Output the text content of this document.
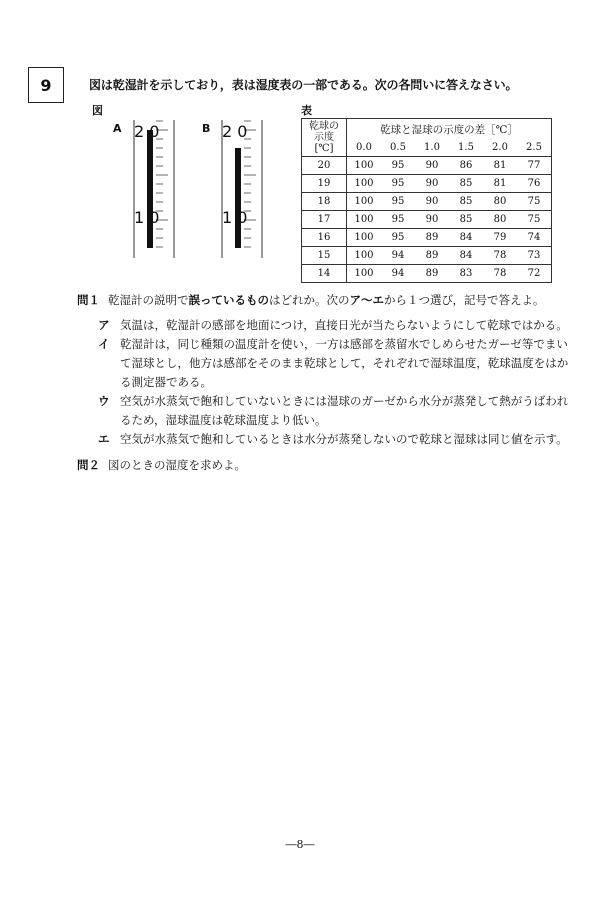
9	図は乾湿計を示しており，表は湿度表の一部である。次の各問いに答えなさい。
図	表
A 2 0
1 0
B 2 0
1 0
乾球の
示度
[℃]	乾球と湿球の示度の差［℃］					
	0.0	0.5	1.0	1.5	2.0	2.5
20	100	95	90	86	81	77
19	100	95	90	85	81	76
18	100	95	90	85	80	75
17	100	95	90	85	80	75
16	100	95	89	84	79	74
15	100	94	89	84	78	73
14	100	94	89	83	78	72
問１ 乾湿計の説明で誤っているものはどれか。次のア～エから１つ選び，記号で答えよ。
ア 気温は，乾湿計の感部を地面につけ，直接日光が当たらないようにして乾球ではかる。
イ 乾湿計は，同じ種類の温度計を使い，一方は感部を蒸留水でしめらせたガーゼ等でまいて湿球とし，他方は感部をそのまま乾球として，それぞれで湿球温度，乾球温度をはかる測定器である。
ウ 空気が水蒸気で飽和していないときには湿球のガーゼから水分が蒸発して熱がうばわれるため，湿球温度は乾球温度より低い。
エ 空気が水蒸気で飽和しているときは水分が蒸発しないので乾球と湿球は同じ値を示す。
問２ 図のときの湿度を求めよ。
―8―
